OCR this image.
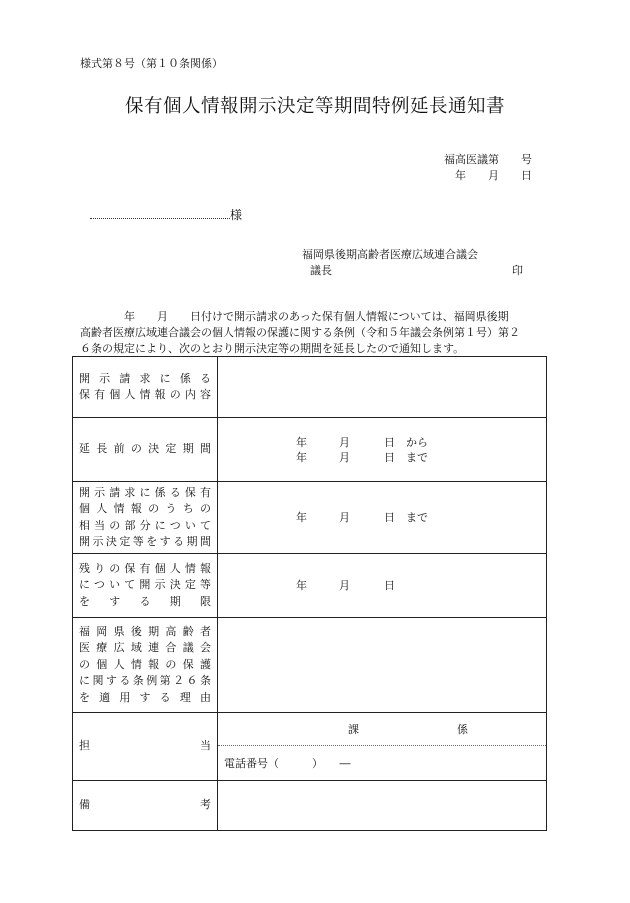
様式第８号（第１０条関係）
保有個人情報開示決定等期間特例延長通知書
福高医議第　　号
年　　月　　日
様
福岡県後期高齢者医療広域連合議会
議長	印
　　　　年　　月　　日付けで開示請求のあった保有個人情報については、福岡県後期
高齢者医療広域連合議会の個人情報の保護に関する条例（令和５年議会条例第１号）第２
６条の規定により、次のとおり開示決定等の期間を延長したので通知します。
開示請求に係る
保有個人情報の内容	

延長前の決定期間	年 月 日　 から
年 月 日　 まで

開示請求に係る保有
個人情報のうちの
相当の部分について
開示決定等をする期間	年 月 日　 まで

残りの保有個人情報
について開示決定等
をする期限	年 月 日

福岡県後期高齢者
医療広域連合議会
の個人情報の保護
に関する条例第２６条
を適用する理由	

担当	課 係
電話番号（　　　）　　―

備考	
